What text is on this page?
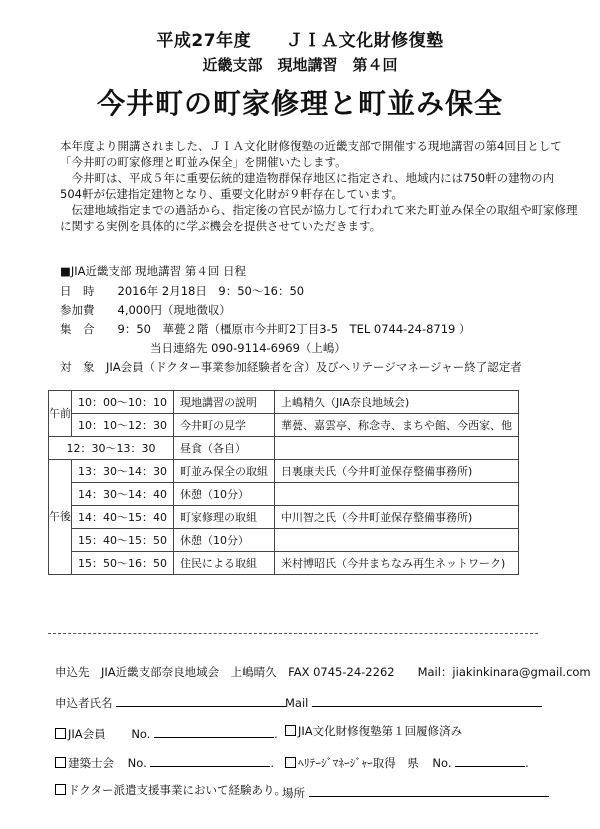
平成27年度　　ＪＩＡ文化財修復塾
近畿支部　現地講習　第４回
今井町の町家修理と町並み保全
本年度より開講されました、ＪＩＡ文化財修復塾の近畿支部で開催する現地講習の第4回目として
「今井町の町家修理と町並み保全」を開催いたします。
　今井町は、平成５年に重要伝統的建造物群保存地区に指定され、地域内には750軒の建物の内
504軒が伝建指定建物となり、重要文化財が９軒存在しています。
　伝建地域指定までの過話から、指定後の官民が協力して行われて来た町並み保全の取組や町家修理
に関する実例を具体的に学ぶ機会を提供させていただきます。
■JIA近畿支部 現地講習 第４回 日程
日　時　　2016年 2月18日　9：50〜16：50
参加費　　4,000円（現地徴収）
集　合　　9：50　華甍２階（橿原市今井町2丁目3-5　TEL 0744-24-8719 ）
当日連絡先 090-9114-6969（上嶋）
対　象　JIA会員（ドクター事業参加経験者を含）及びヘリテージマネージャー終了認定者
午前	10：00〜10：10	現地講習の説明	上嶋精久（JIA奈良地域会)
	10：10〜12：30	今井町の見学	華甍、嘉雲亭、称念寺、まちや館、今西家、他
12：30〜13：30		昼食（各自）	
午後	13：30〜14：30	町並み保全の取組	日裏康夫氏（今井町並保存整備事務所)
	14：30〜14：40	休憩（10分）	
	14：40〜15：40	町家修理の取組	中川智之氏（今井町並保存整備事務所)
	15：40〜15：50	休憩（10分）	
	15：50〜16：50	住民による取組	米村博昭氏（今井まちなみ再生ネットワーク)
申込先　JIA近畿支部奈良地域会　上嶋晴久　FAX 0745-24-2262　　Mail：jiakinkinara@gmail.com
申込者氏名	Mail
JIA会員 No.	.	JIA文化財修復塾第１回履修済み
建築士会 No.	.	ﾍﾘﾃｰｼﾞﾏﾈｰｼﾞｬｰ取得　県 No.	.
ドクター派遣支援事業において経験あり。
場所
